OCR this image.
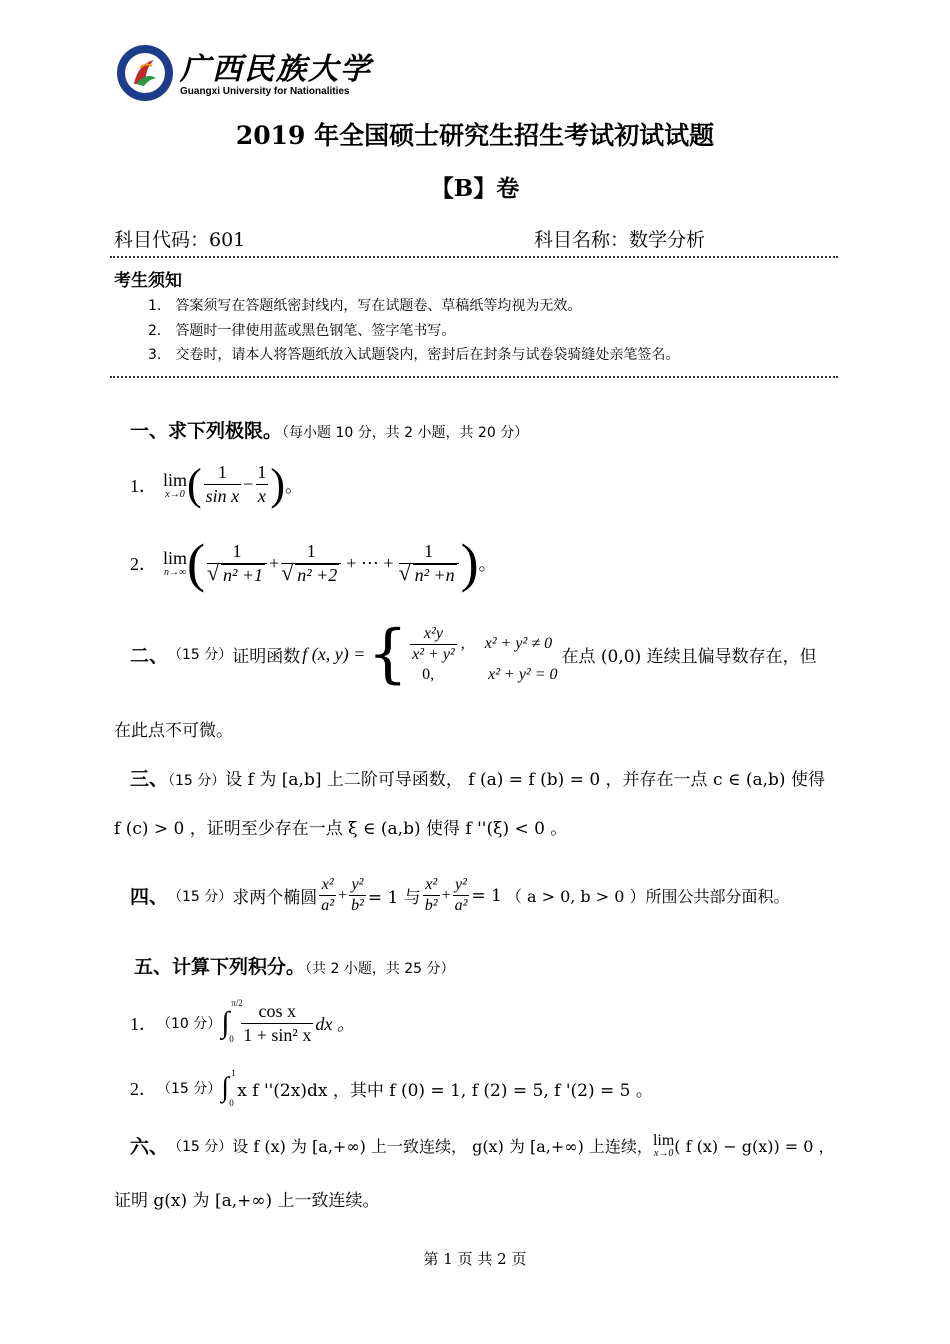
广西民族大学
Guangxi University for Nationalities
2019 年全国硕士研究生招生考试初试试题
【B】卷
科目代码：601	科目名称：数学分析
考生须知
1.　答案须写在答题纸密封线内，写在试题卷、草稿纸等均视为无效。
2.　答题时一律使用蓝或黑色钢笔、签字笔书写。
3.　交卷时，请本人将答题纸放入试题袋内，密封后在封条与试卷袋骑缝处亲笔签名。
一、求下列极限。（每小题 10 分，共 2 小题，共 20 分）
1． lim
x→0 ( $\frac{1}{\text{sin x}} - \frac{1}{x}$ ) 。
2． lim
n→∞ ( 1
√ n² +1 + 1
√ n² +2 + ⋯ + 1
√ n² +n ) 。
二、 （15 分） 证明函数 f (x, y) = { $\frac{\text{x²y}}{\text{x² + y²}}$ , x² + y² ≠ 0
0,	x² + y² = 0
在点 (0,0) 连续且偏导数存在，但
在此点不可微。
三、（15 分）设 f 为 [a,b] 上二阶可导函数， f (a) = f (b) = 0 ，并存在一点 c ∈ (a,b) 使得
f (c) > 0 ，证明至少存在一点 ξ ∈ (a,b) 使得 f ''(ξ) < 0 。
四、 （15 分） 求两个椭圆 $\frac{\text{x²}}{\text{a²}} + \frac{\text{y²}}{\text{b²}} = 1$ 与 $\frac{\text{x²}}{\text{b²}} + \frac{\text{y²}}{\text{a²}} = 1$ （ a > 0, b > 0 ）所围公共部分面积。
五、计算下列积分。（共 2 小题，共 25 分）
1． （10 分） ∫
π/2
$0 \frac{\text{cos x}}{\text{1 + sin² x}}$ dx 。
2． （15 分） ∫ 1
0
x f ''(2x)dx ，其中 f (0) = 1, f (2) = 5, f '(2) = 5 。
六、 （15 分） 设 f (x) 为 [a,+∞) 上一致连续， g(x) 为 [a,+∞) 上连续， lim
x→0 ( f (x) − g(x)) = 0 ，
证明 g(x) 为 [a,+∞) 上一致连续。
第 1 页 共 2 页
